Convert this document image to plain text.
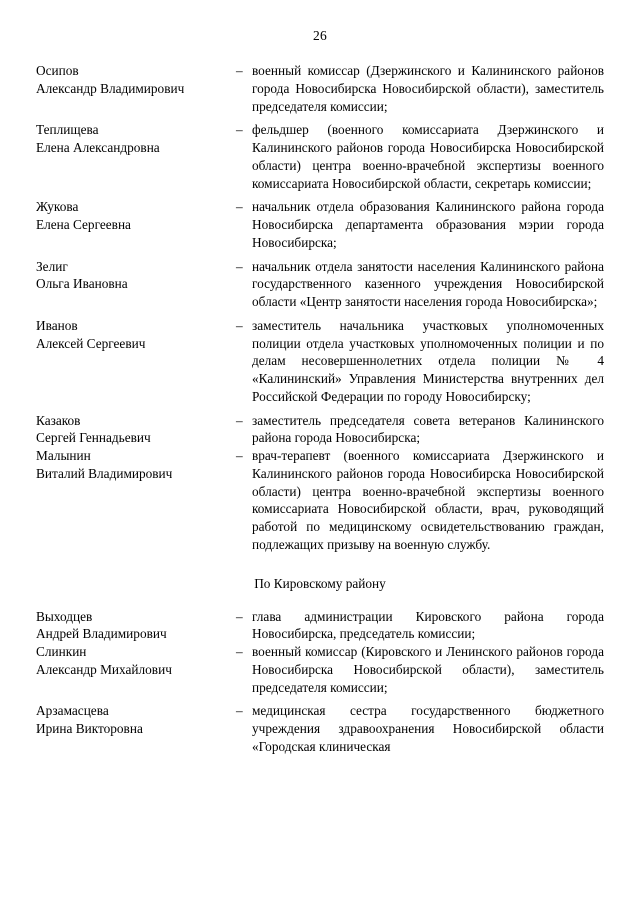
26
Осипов
Александр Владимирович	–	военный комиссар (Дзержинского и Калининского районов города Новосибирска Новосибирской области), заместитель председателя комиссии;

Теплищева
Елена Александровна	–	фельдшер (военного комиссариата Дзержинского и Калининского районов города Новосибирска Новосибирской области) центра военно-врачебной экспертизы военного комиссариата Новосибирской области, секретарь комиссии;

Жукова
Елена Сергеевна	–	начальник отдела образования Калининского района города Новосибирска департамента образования мэрии города Новосибирска;

Зелиг
Ольга Ивановна	–	начальник отдела занятости населения Калининского района государственного казенного учреждения Новосибирской области «Центр занятости населения города Новосибирска»;

Иванов
Алексей Сергеевич	–	заместитель начальника участковых уполномоченных полиции отдела участковых уполномоченных полиции и по делам несовершеннолетних отдела полиции № 4 «Калининский» Управления Министерства внутренних дел Российской Федерации по городу Новосибирску;

Казаков
Сергей Геннадьевич	–	заместитель председателя совета ветеранов Калининского района города Новосибирска;

Малынин
Виталий Владимирович	–	врач-терапевт (военного комиссариата Дзержинского и Калининского районов города Новосибирска Новосибирской области) центра военно-врачебной экспертизы военного комиссариата Новосибирской области, врач, руководящий работой по медицинскому освидетельствованию граждан, подлежащих призыву на военную службу.
По Кировскому району
Выходцев
Андрей Владимирович	–	глава администрации Кировского района города Новосибирска, председатель комиссии;

Слинкин
Александр Михайлович	–	военный комиссар (Кировского и Ленинского районов города Новосибирска Новосибирской области), заместитель председателя комиссии;

Арзамасцева
Ирина Викторовна	–	медицинская сестра государственного бюджетного учреждения здравоохранения Новосибирской области «Городская клиническая
